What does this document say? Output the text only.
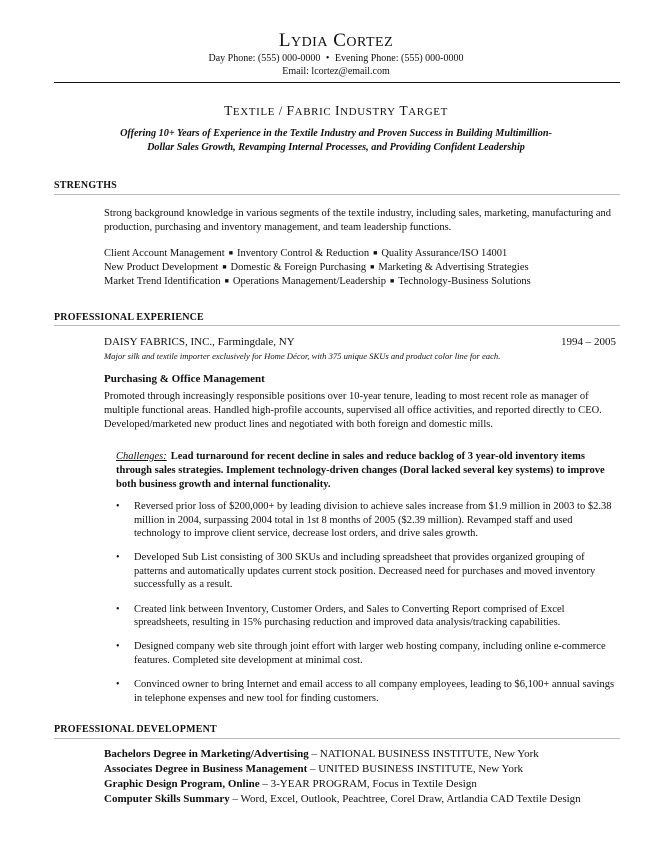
LYDIA CORTEZ
Day Phone: (555) 000-0000 • Evening Phone: (555) 000-0000
Email: lcortez@email.com
TEXTILE / FABRIC INDUSTRY TARGET
Offering 10+ Years of Experience in the Textile Industry and Proven Success in Building Multimillion-
Dollar Sales Growth, Revamping Internal Processes, and Providing Confident Leadership
STRENGTHS
Strong background knowledge in various segments of the textile industry, including sales, marketing, manufacturing and production, purchasing and inventory management, and team leadership functions.
Client Account Management ■ Inventory Control & Reduction ■ Quality Assurance/ISO 14001
New Product Development ■ Domestic & Foreign Purchasing ■ Marketing & Advertising Strategies
Market Trend Identification ■ Operations Management/Leadership ■ Technology-Business Solutions
PROFESSIONAL EXPERIENCE
DAISY FABRICS, INC., Farmingdale, NY	1994 – 2005
Major silk and textile importer exclusively for Home Décor, with 375 unique SKUs and product color line for each.
Purchasing & Office Management
Promoted through increasingly responsible positions over 10-year tenure, leading to most recent role as manager of multiple functional areas. Handled high-profile accounts, supervised all office activities, and reported directly to CEO. Developed/marketed new product lines and negotiated with both foreign and domestic mills.
Challenges: Lead turnaround for recent decline in sales and reduce backlog of 3 year-old inventory items through sales strategies. Implement technology-driven changes (Doral lacked several key systems) to improve both business growth and internal functionality.
• Reversed prior loss of $200,000+ by leading division to achieve sales increase from $1.9 million in 2003 to $2.38 million in 2004, surpassing 2004 total in 1st 8 months of 2005 ($2.39 million). Revamped staff and used technology to improve client service, decrease lost orders, and drive sales growth.
• Developed Sub List consisting of 300 SKUs and including spreadsheet that provides organized grouping of patterns and automatically updates current stock position. Decreased need for purchases and moved inventory successfully as a result.
• Created link between Inventory, Customer Orders, and Sales to Converting Report comprised of Excel spreadsheets, resulting in 15% purchasing reduction and improved data analysis/tracking capabilities.
• Designed company web site through joint effort with larger web hosting company, including online e-commerce features. Completed site development at minimal cost.
• Convinced owner to bring Internet and email access to all company employees, leading to $6,100+ annual savings in telephone expenses and new tool for finding customers.
PROFESSIONAL DEVELOPMENT
Bachelors Degree in Marketing/Advertising – NATIONAL BUSINESS INSTITUTE, New York
Associates Degree in Business Management – UNITED BUSINESS INSTITUTE, New York
Graphic Design Program, Online – 3-YEAR PROGRAM, Focus in Textile Design
Computer Skills Summary – Word, Excel, Outlook, Peachtree, Corel Draw, Artlandia CAD Textile Design
